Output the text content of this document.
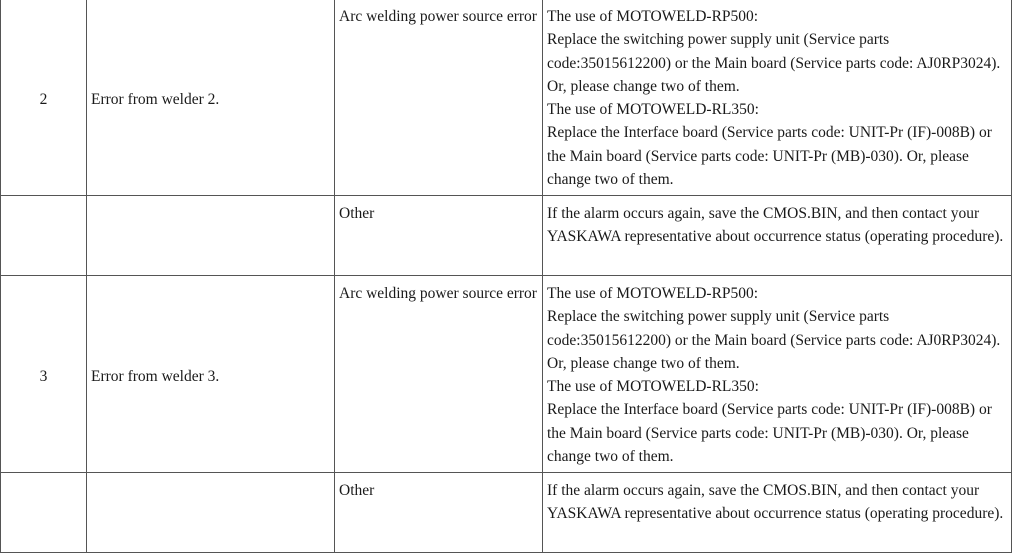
2	Error from welder 2.	Arc welding power source error	The use of MOTOWELD-RP500:
Replace the switching power supply unit (Service parts code:35015612200) or the Main board (Service parts code: AJ0RP3024). Or, please change two of them.
The use of MOTOWELD-RL350:
Replace the Interface board (Service parts code: UNIT-Pr (IF)-008B) or the Main board (Service parts code: UNIT-Pr (MB)-030). Or, please change two of them.

		Other	If the alarm occurs again, save the CMOS.BIN, and then contact your YASKAWA representative about occurrence status (operating procedure).

3	Error from welder 3.	Arc welding power source error	The use of MOTOWELD-RP500:
Replace the switching power supply unit (Service parts code:35015612200) or the Main board (Service parts code: AJ0RP3024). Or, please change two of them.
The use of MOTOWELD-RL350:
Replace the Interface board (Service parts code: UNIT-Pr (IF)-008B) or the Main board (Service parts code: UNIT-Pr (MB)-030). Or, please change two of them.

		Other	If the alarm occurs again, save the CMOS.BIN, and then contact your YASKAWA representative about occurrence status (operating procedure).
